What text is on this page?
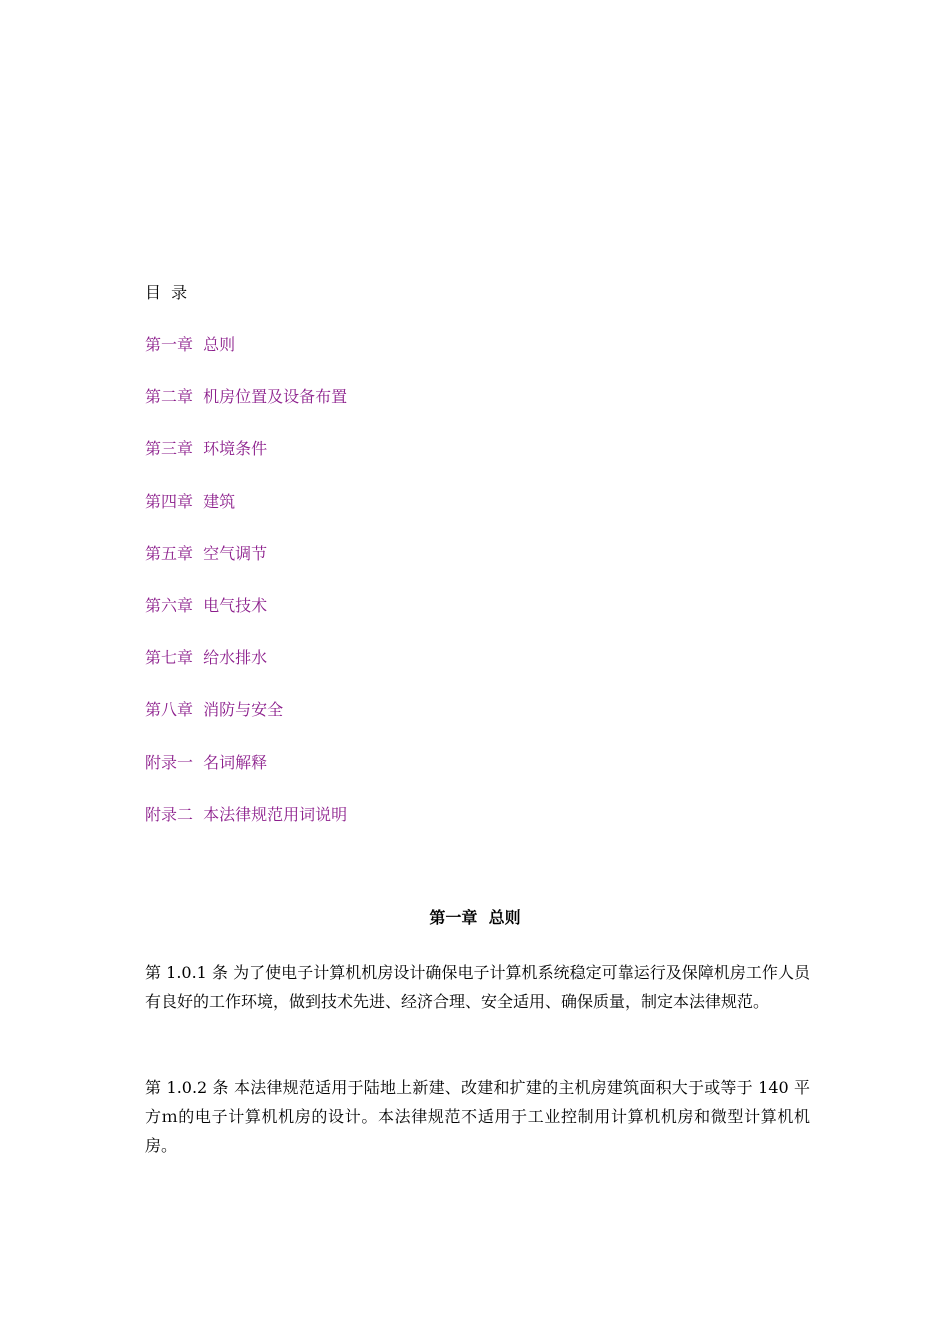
目  录
第一章  总则
第二章  机房位置及设备布置
第三章  环境条件
第四章  建筑
第五章  空气调节
第六章  电气技术
第七章  给水排水
第八章  消防与安全
附录一  名词解释
附录二  本法律规范用词说明
第一章  总则

第 1.0.1 条 为了使电子计算机机房设计确保电子计算机系统稳定可靠运行及保障机房工作人员有良好的工作环境，做到技术先进、经济合理、安全适用、确保质量，制定本法律规范。

第 1.0.2 条 本法律规范适用于陆地上新建、改建和扩建的主机房建筑面积大于或等于 140 平方ｍ的电子计算机机房的设计。本法律规范不适用于工业控制用计算机机房和微型计算机机房。
